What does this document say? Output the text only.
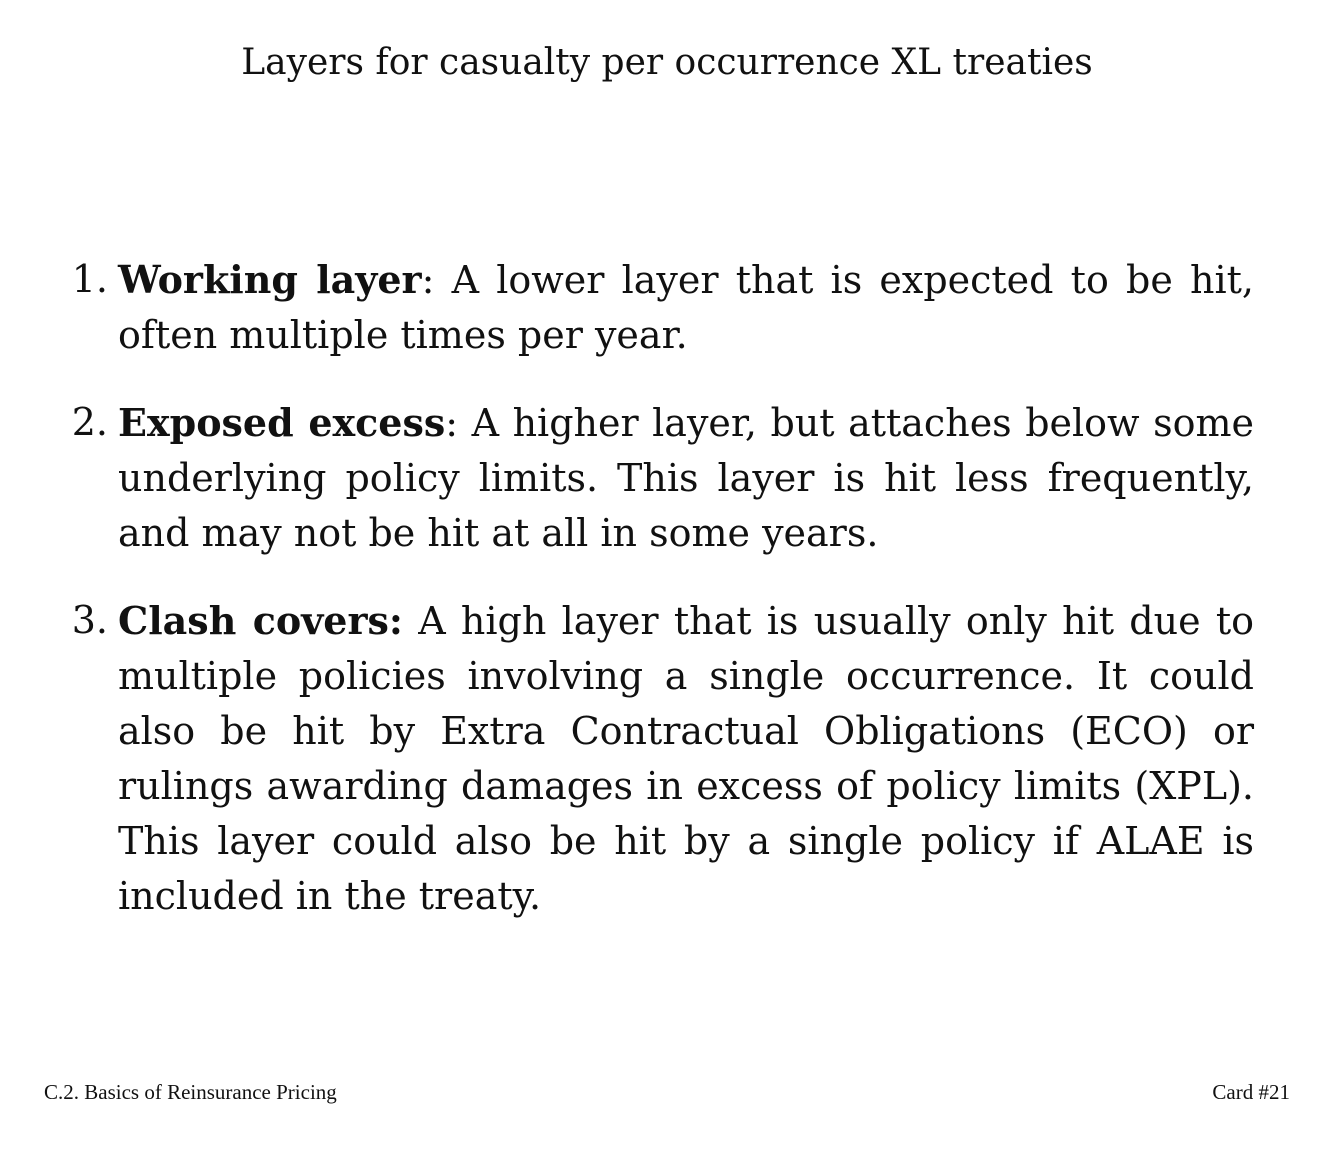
Layers for casualty per occurrence XL treaties
1. Working layer: A lower layer that is expected to be hit, often multiple times per year.
2. Exposed excess: A higher layer, but attaches below some underlying policy limits. This layer is hit less frequently, and may not be hit at all in some years.
3. Clash covers: A high layer that is usually only hit due to multiple policies involving a single occurrence. It could also be hit by Extra Contractual Obligations (ECO) or rulings awarding damages in excess of policy limits (XPL). This layer could also be hit by a single policy if ALAE is included in the treaty.
C.2. Basics of Reinsurance Pricing	Card #21
